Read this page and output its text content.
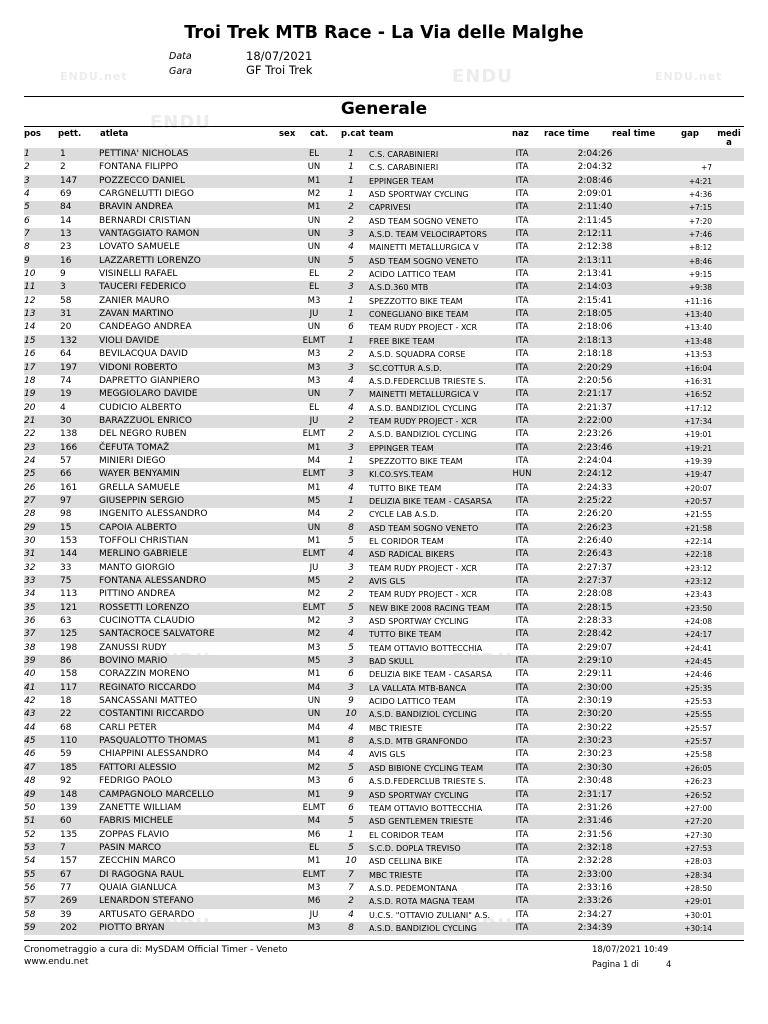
ENDU
ENDU
ENDU.net	ENDU.net
Troi Trek MTB Race - La Via delle Malghe
Data	18/07/2021
Gara	GF Troi Trek
Generale
pos pett. atleta	sex cat. p.cat team	naz race time	real time	gap medi a
1	1	PETTINA' NICHOLAS	EL	1	C.S. CARABINIERI	ITA	2:04:26
2	2	FONTANA FILIPPO	UN	1	C.S. CARABINIERI	ITA	2:04:32	+7
3	147 POZZECCO DANIEL	M1	1	EPPINGER TEAM	ITA	2:08:46	+4:21
4	69	CARGNELUTTI DIEGO	M2	1	ASD SPORTWAY CYCLING	ITA	2:09:01	+4:36
5	84	BRAVIN ANDREA	M1	2	CAPRIVESI	ITA	2:11:40	+7:15
6	14	BERNARDI CRISTIAN	UN	2	ASD TEAM SOGNO VENETO	ITA	2:11:45	+7:20
7	13	VANTAGGIATO RAMON	UN	3	A.S.D. TEAM VELOCIRAPTORS	ITA	2:12:11	+7:46
8	23	LOVATO SAMUELE	UN	4	MAINETTI METALLURGICA V	ITA	2:12:38	+8:12
9	16	LAZZARETTI LORENZO	UN	5	ASD TEAM SOGNO VENETO	ITA	2:13:11	+8:46
10	9	VISINELLI RAFAEL	EL	2	ACIDO LATTICO TEAM	ITA	2:13:41	+9:15
11	3	TAUCERI FEDERICO	EL	3	A.S.D.360 MTB	ITA	2:14:03	+9:38
12	58	ZANIER MAURO	M3	1	SPEZZOTTO BIKE TEAM	ITA	2:15:41	+11:16
13	31	ZAVAN MARTINO	JU	1	CONEGLIANO BIKE TEAM	ITA	2:18:05	+13:40
14	20	CANDEAGO ANDREA	UN	6	TEAM RUDY PROJECT - XCR	ITA	2:18:06	+13:40
15	132 VIOLI DAVIDE	ELMT	1	FREE BIKE TEAM	ITA	2:18:13	+13:48
16	64	BEVILACQUA DAVID	M3	2	A.S.D. SQUADRA CORSE	ITA	2:18:18	+13:53
17	197 VIDONI ROBERTO	M3	3	SC.COTTUR A.S.D.	ITA	2:20:29	+16:04
18	74	DAPRETTO GIANPIERO	M3	4	A.S.D.FEDERCLUB TRIESTE S.	ITA	2:20:56	+16:31
19	19	MEGGIOLARO DAVIDE	UN	7	MAINETTI METALLURGICA V	ITA	2:21:17	+16:52
20	4	CUDICIO ALBERTO	EL	4	A.S.D. BANDIZIOL CYCLING	ITA	2:21:37	+17:12
21	30	BARAZZUOL ENRICO	JU	2	TEAM RUDY PROJECT - XCR	ITA	2:22:00	+17:34
22	138 DEL NEGRO RUBEN	ELMT	2	A.S.D. BANDIZIOL CYCLING	ITA	2:23:26	+19:01
23	166 ČEFUTA TOMAŽ	M1	3	EPPINGER TEAM	ITA	2:23:46	+19:21
24	57	MINIERI DIEGO	M4	1	SPEZZOTTO BIKE TEAM	ITA	2:24:04	+19:39
25	66	WAYER BENYAMIN	ELMT	3	KI.CO.SYS.TEAM	HUN	2:24:12	+19:47
26	161 GRELLA SAMUELE	M1	4	TUTTO BIKE TEAM	ITA	2:24:33	+20:07
27	97	GIUSEPPIN SERGIO	M5	1	DELIZIA BIKE TEAM - CASARSA	ITA	2:25:22	+20:57
28	98	INGENITO ALESSANDRO	M4	2	CYCLE LAB A.S.D.	ITA	2:26:20	+21:55
29	15	CAPOIA ALBERTO	UN	8	ASD TEAM SOGNO VENETO	ITA	2:26:23	+21:58
30	153 TOFFOLI CHRISTIAN	M1	5	EL CORIDOR TEAM	ITA	2:26:40	+22:14
31	144 MERLINO GABRIELE	ELMT	4	ASD RADICAL BIKERS	ITA	2:26:43	+22:18
32	33	MANTO GIORGIO	JU	3	TEAM RUDY PROJECT - XCR	ITA	2:27:37	+23:12
33	75	FONTANA ALESSANDRO	M5	2	AVIS GLS	ITA	2:27:37	+23:12
34	113 PITTINO ANDREA	M2	2	TEAM RUDY PROJECT - XCR	ITA	2:28:08	+23:43
35	121 ROSSETTI LORENZO	ELMT	5	NEW BIKE 2008 RACING TEAM	ITA	2:28:15	+23:50
36	63	CUCINOTTA CLAUDIO	M2	3	ASD SPORTWAY CYCLING	ITA	2:28:33	+24:08
37	125 SANTACROCE SALVATORE	M2	4	TUTTO BIKE TEAM	ITA	2:28:42	+24:17
38	198 ZANUSSI RUDY	M3	5	TEAM OTTAVIO BOTTECCHIA	ITA	2:29:07	+24:41
39	86	BOVINO MARIO	M5	3	BAD SKULL	ITA	2:29:10	+24:45
40	158 CORAZZIN MORENO	M1	6	DELIZIA BIKE TEAM - CASARSA	ITA	2:29:11	+24:46
41	117 REGINATO RICCARDO	M4	3	LA VALLATA MTB-BANCA	ITA	2:30:00	+25:35
42	18	SANCASSANI MATTEO	UN	9	ACIDO LATTICO TEAM	ITA	2:30:19	+25:53
43	22	COSTANTINI RICCARDO	UN	10 A.S.D. BANDIZIOL CYCLING	ITA	2:30:20	+25:55
44	68	CARLI PETER	M4	4	MBC TRIESTE	ITA	2:30:22	+25:57
45	110 PASQUALOTTO THOMAS	M1	8	A.S.D. MTB GRANFONDO	ITA	2:30:23	+25:57
46	59	CHIAPPINI ALESSANDRO	M4	4	AVIS GLS	ITA	2:30:23	+25:58
47	185 FATTORI ALESSIO	M2	5	ASD BIBIONE CYCLING TEAM	ITA	2:30:30	+26:05
48	92	FEDRIGO PAOLO	M3	6	A.S.D.FEDERCLUB TRIESTE S.	ITA	2:30:48	+26:23
49	148 CAMPAGNOLO MARCELLO	M1	9	ASD SPORTWAY CYCLING	ITA	2:31:17	+26:52
50	139 ZANETTE WILLIAM	ELMT	6	TEAM OTTAVIO BOTTECCHIA	ITA	2:31:26	+27:00
51	60	FABRIS MICHELE	M4	5	ASD GENTLEMEN TRIESTE	ITA	2:31:46	+27:20
52	135 ZOPPAS FLAVIO	M6	1	EL CORIDOR TEAM	ITA	2:31:56	+27:30
53	7	PASIN MARCO	EL	5	S.C.D. DOPLA TREVISO	ITA	2:32:18	+27:53
54	157 ZECCHIN MARCO	M1	10 ASD CELLINA BIKE	ITA	2:32:28	+28:03
55	67	DI RAGOGNA RAUL	ELMT	7	MBC TRIESTE	ITA	2:33:00	+28:34
56	77	QUAIA GIANLUCA	M3	7	A.S.D. PEDEMONTANA	ITA	2:33:16	+28:50
57	269 LENARDON STEFANO	M6	2	A.S.D. ROTA MAGNA TEAM	ITA	2:33:26	+29:01
58	39	ARTUSATO GERARDO	JU	4	U.C.S. "OTTAVIO ZULIANI" A.S.	ITA	2:34:27	+30:01
59	202 PIOTTO BRYAN	M3	8	A.S.D. BANDIZIOL CYCLING	ITA	2:34:39	+30:14
Cronometraggio a cura di: MySDAM Official Timer - Veneto
www.endu.net
18/07/2021 10:49
Pagina 1 di	4
